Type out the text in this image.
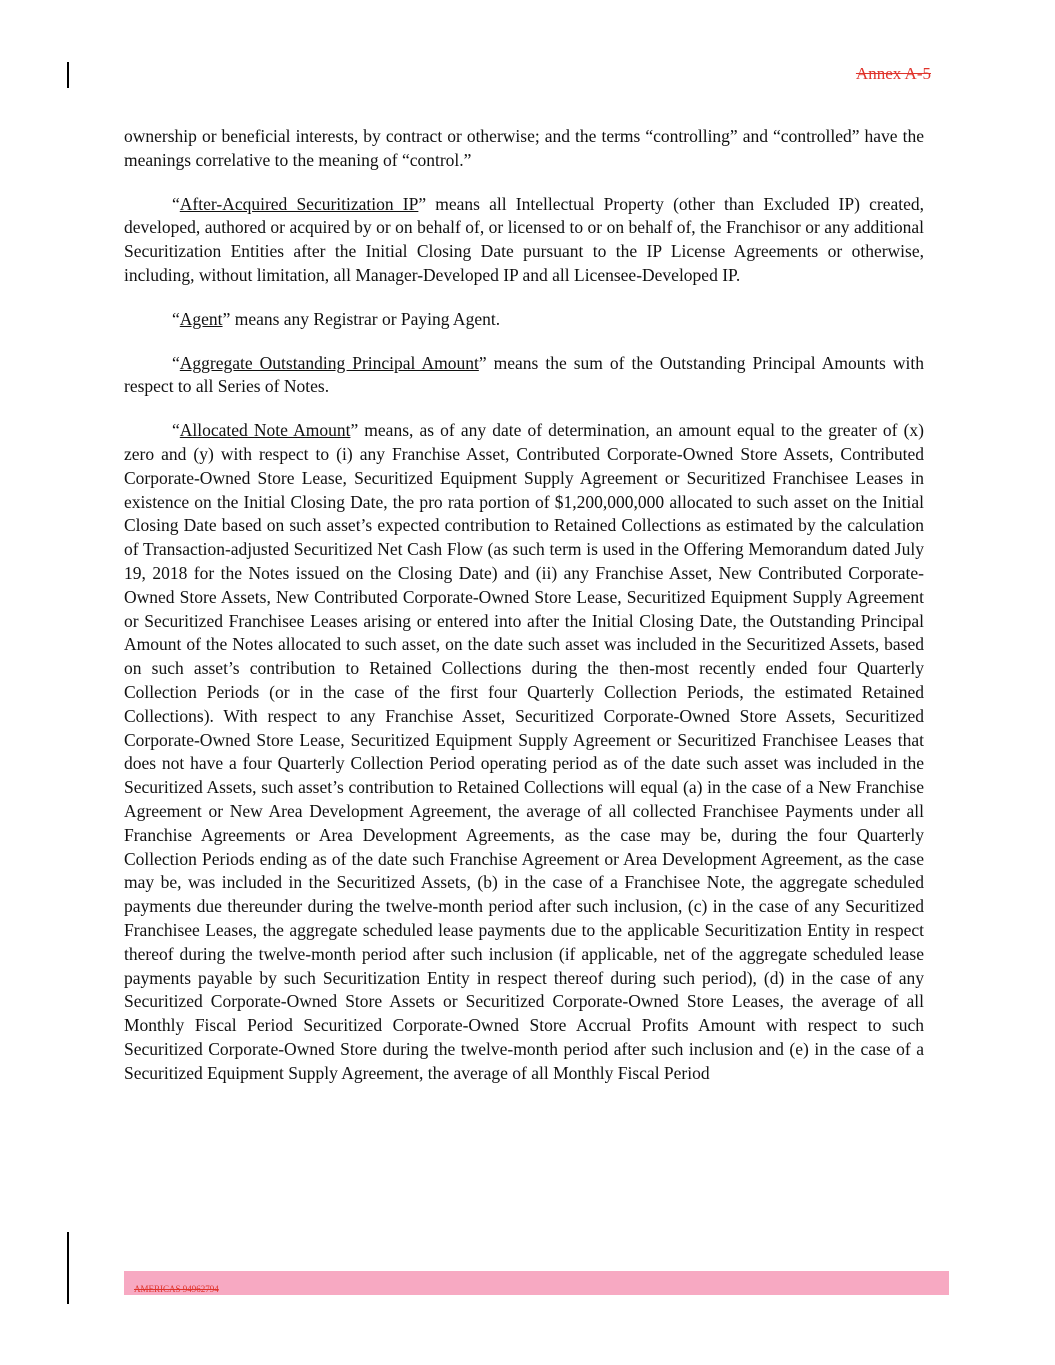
Annex A-5

ownership or beneficial interests, by contract or otherwise; and the terms “controlling” and “controlled” have the meanings correlative to the meaning of “control.”

“After-Acquired Securitization IP” means all Intellectual Property (other than Excluded IP) created, developed, authored or acquired by or on behalf of, or licensed to or on behalf of, the Franchisor or any additional Securitization Entities after the Initial Closing Date pursuant to the IP License Agreements or otherwise, including, without limitation, all Manager-Developed IP and all Licensee-Developed IP.

“Agent” means any Registrar or Paying Agent.

“Aggregate Outstanding Principal Amount” means the sum of the Outstanding Principal Amounts with respect to all Series of Notes.

“Allocated Note Amount” means, as of any date of determination, an amount equal to the greater of (x) zero and (y) with respect to (i) any Franchise Asset, Contributed Corporate-Owned Store Assets, Contributed Corporate-Owned Store Lease, Securitized Equipment Supply Agreement or Securitized Franchisee Leases in existence on the Initial Closing Date, the pro rata portion of $1,200,000,000 allocated to such asset on the Initial Closing Date based on such asset’s expected contribution to Retained Collections as estimated by the calculation of Transaction-adjusted Securitized Net Cash Flow (as such term is used in the Offering Memorandum dated July 19, 2018 for the Notes issued on the Closing Date) and (ii) any Franchise Asset, New Contributed Corporate-Owned Store Assets, New Contributed Corporate-Owned Store Lease, Securitized Equipment Supply Agreement or Securitized Franchisee Leases arising or entered into after the Initial Closing Date, the Outstanding Principal Amount of the Notes allocated to such asset, on the date such asset was included in the Securitized Assets, based on such asset’s contribution to Retained Collections during the then-most recently ended four Quarterly Collection Periods (or in the case of the first four Quarterly Collection Periods, the estimated Retained Collections). With respect to any Franchise Asset, Securitized Corporate-Owned Store Assets, Securitized Corporate-Owned Store Lease, Securitized Equipment Supply Agreement or Securitized Franchisee Leases that does not have a four Quarterly Collection Period operating period as of the date such asset was included in the Securitized Assets, such asset’s contribution to Retained Collections will equal (a) in the case of a New Franchise Agreement or New Area Development Agreement, the average of all collected Franchisee Payments under all Franchise Agreements or Area Development Agreements, as the case may be, during the four Quarterly Collection Periods ending as of the date such Franchise Agreement or Area Development Agreement, as the case may be, was included in the Securitized Assets, (b) in the case of a Franchisee Note, the aggregate scheduled payments due thereunder during the twelve-month period after such inclusion, (c) in the case of any Securitized Franchisee Leases, the aggregate scheduled lease payments due to the applicable Securitization Entity in respect thereof during the twelve-month period after such inclusion (if applicable, net of the aggregate scheduled lease payments payable by such Securitization Entity in respect thereof during such period), (d) in the case of any Securitized Corporate-Owned Store Assets or Securitized Corporate-Owned Store Leases, the average of all Monthly Fiscal Period Securitized Corporate-Owned Store Accrual Profits Amount with respect to such Securitized Corporate-Owned Store during the twelve-month period after such inclusion and (e) in the case of a Securitized Equipment Supply Agreement, the average of all Monthly Fiscal Period

AMERICAS 94962794
